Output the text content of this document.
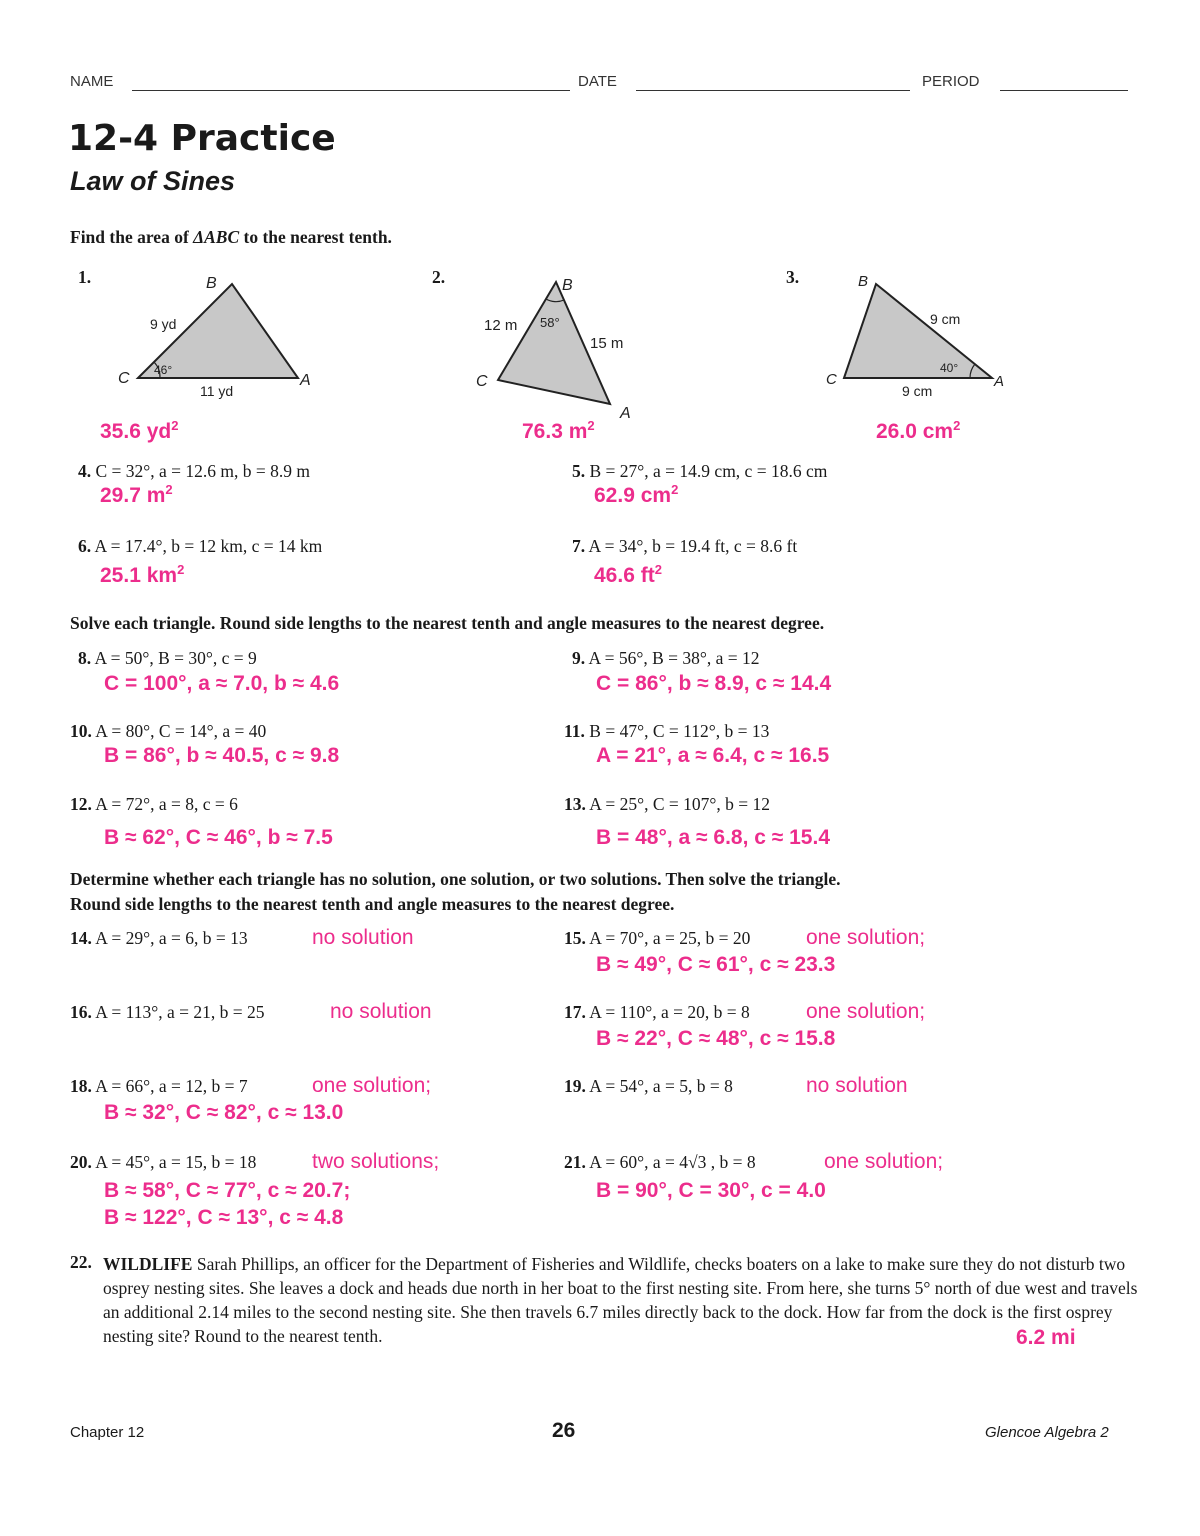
NAME	DATE	PERIOD
12-4 Practice
Law of Sines
Find the area of ΔABC to the nearest tenth.
1.	B
C	A
9 yd
11 yd
46°
35.6 $yd^2$
2.	B
C
A
12 m
15 m
58°
76.3 $m^2$
3.	B
C	A
9 cm
9 cm
40°
26.0 $cm^2$
4. C = 32°, a = 12.6 m, b = 8.9 m
29.7 $m^2$
5. B = 27°, a = 14.9 cm, c = 18.6 cm
62.9 $cm^2$
6. A = 17.4°, b = 12 km, c = 14 km
25.1 $km^2$
7. A = 34°, b = 19.4 ft, c = 8.6 ft
46.6 $ft^2$
Solve each triangle. Round side lengths to the nearest tenth and angle measures to the nearest degree.
8. A = 50°, B = 30°, c = 9
C = 100°, a ≈ 7.0, b ≈ 4.6
9. A = 56°, B = 38°, a = 12
C = 86°, b ≈ 8.9, c ≈ 14.4
10. A = 80°, C = 14°, a = 40
B = 86°, b ≈ 40.5, c ≈ 9.8
11. B = 47°, C = 112°, b = 13
A = 21°, a ≈ 6.4, c ≈ 16.5
12. A = 72°, a = 8, c = 6
B ≈ 62°, C ≈ 46°, b ≈ 7.5
13. A = 25°, C = 107°, b = 12
B = 48°, a ≈ 6.8, c ≈ 15.4
Determine whether each triangle has no solution, one solution, or two solutions. Then solve the triangle.
Round side lengths to the nearest tenth and angle measures to the nearest degree.
14. A = 29°, a = 6, b = 13	no solution	15. A = 70°, a = 25, b = 20	one solution;
B ≈ 49°, C ≈ 61°, c ≈ 23.3
16. A = 113°, a = 21, b = 25	no solution	17. A = 110°, a = 20, b = 8	one solution;
B ≈ 22°, C ≈ 48°, c ≈ 15.8
18. A = 66°, a = 12, b = 7	one solution;
B ≈ 32°, C ≈ 82°, c ≈ 13.0
19. A = 54°, a = 5, b = 8	no solution
20. A = 45°, a = 15, b = 18	two solutions;
B ≈ 58°, C ≈ 77°, c ≈ 20.7;
B ≈ 122°, C ≈ 13°, c ≈ 4.8
21. A = 60°, a = 4√3 , b = 8	one solution;
B = 90°, C = 30°, c = 4.0
22. WILDLIFE Sarah Phillips, an officer for the Department of Fisheries and Wildlife, checks boaters on a lake to make sure they do not disturb two osprey nesting sites. She leaves a dock and heads due north in her boat to the first nesting site. From here, she turns 5° north of due west and travels an additional 2.14 miles to the second nesting site. She then travels 6.7 miles directly back to the dock. How far from the dock is the first osprey nesting site? Round to the nearest tenth.	6.2 mi
Chapter 12	26	Glencoe Algebra 2
